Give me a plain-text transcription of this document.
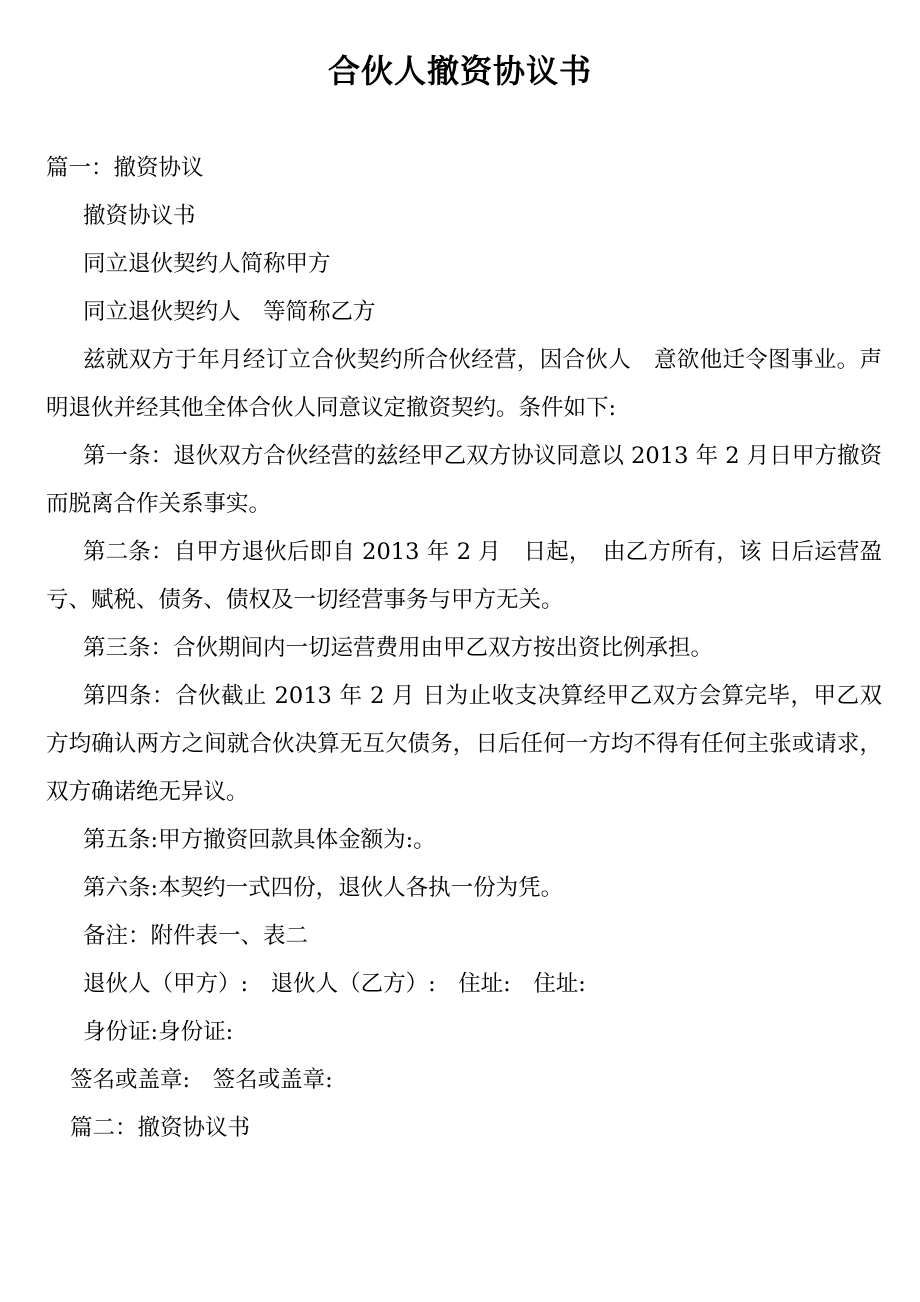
合伙人撤资协议书

篇一：撤资协议

撤资协议书

同立退伙契约人简称甲方

同立退伙契约人　等简称乙方

兹就双方于年月经订立合伙契约所合伙经营，因合伙人　意欲他迁令图事业。声明退伙并经其他全体合伙人同意议定撤资契约。条件如下:

第一条：退伙双方合伙经营的兹经甲乙双方协议同意以 2013 年 2 月日甲方撤资而脱离合作关系事实。

第二条：自甲方退伙后即自 2013 年 2 月　日起，　由乙方所有，该 日后运营盈亏、赋税、债务、债权及一切经营事务与甲方无关。

第三条：合伙期间内一切运营费用由甲乙双方按出资比例承担。

第四条：合伙截止 2013 年 2 月 日为止收支决算经甲乙双方会算完毕，甲乙双方均确认两方之间就合伙决算无互欠债务，日后任何一方均不得有任何主张或请求，双方确诺绝无异议。

第五条:甲方撤资回款具体金额为:。

第六条:本契约一式四份，退伙人各执一份为凭。

备注：附件表一、表二

退伙人（甲方）:　退伙人（乙方）:　住址:　住址:

身份证:身份证:

签名或盖章:　签名或盖章:

篇二：撤资协议书
